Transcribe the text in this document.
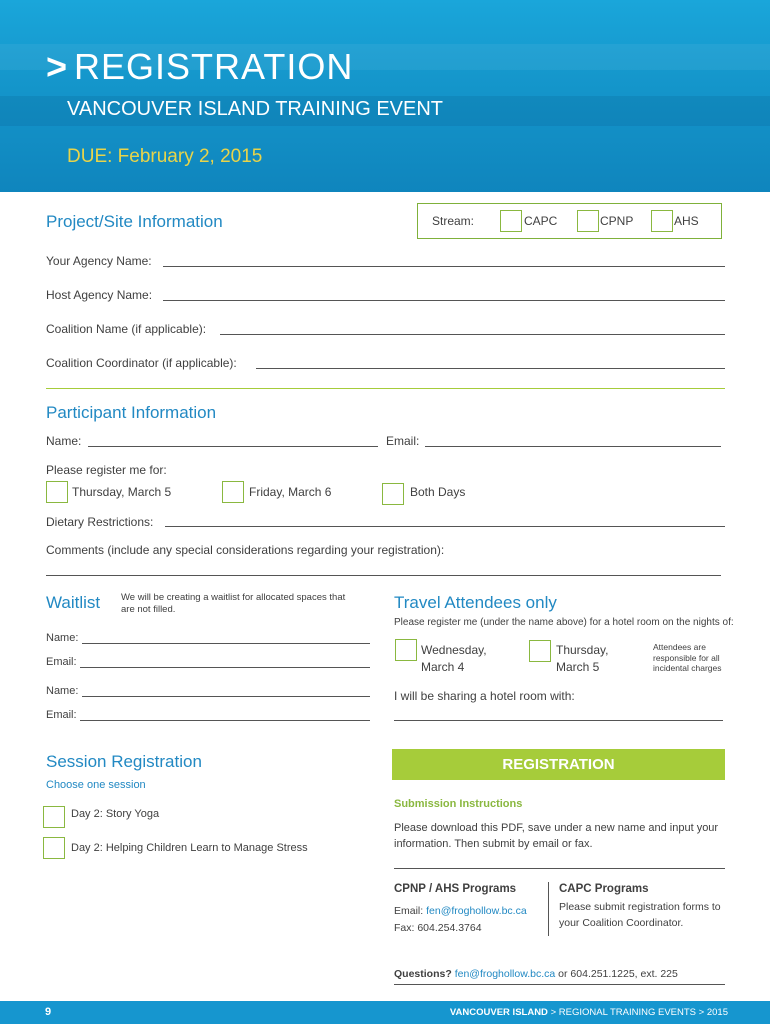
> REGISTRATION
VANCOUVER ISLAND TRAINING EVENT
DUE: February 2, 2015
Project/Site Information	Stream:	CAPC	CPNP	AHS
Your Agency Name:
Host Agency Name:
Coalition Name (if applicable):
Coalition Coordinator (if applicable):
Participant Information
Name:	Email:
Please register me for:
Thursday, March 5	Friday, March 6	Both Days
Dietary Restrictions:
Comments (include any special considerations regarding your registration):
Waitlist We will be creating a waitlist for allocated spaces that are not filled.
Name:
Email:
Name:
Email:
Travel Attendees only
Please register me (under the name above) for a hotel room on the nights of:
Wednesday,
March 4
Thursday,
March 5
Attendees are responsible for all incidental charges
I will be sharing a hotel room with:
Session Registration
Choose one session
Day 2: Story Yoga
Day 2: Helping Children Learn to Manage Stress
REGISTRATION
Submission Instructions
Please download this PDF, save under a new name and input your information. Then submit by email or fax.
CPNP / AHS Programs
Email: fen@froghollow.bc.ca
Fax: 604.254.3764
CAPC Programs
Please submit registration forms to your Coalition Coordinator.
Questions? fen@froghollow.bc.ca or 604.251.1225, ext. 225
9	VANCOUVER ISLAND > REGIONAL TRAINING EVENTS > 2015
